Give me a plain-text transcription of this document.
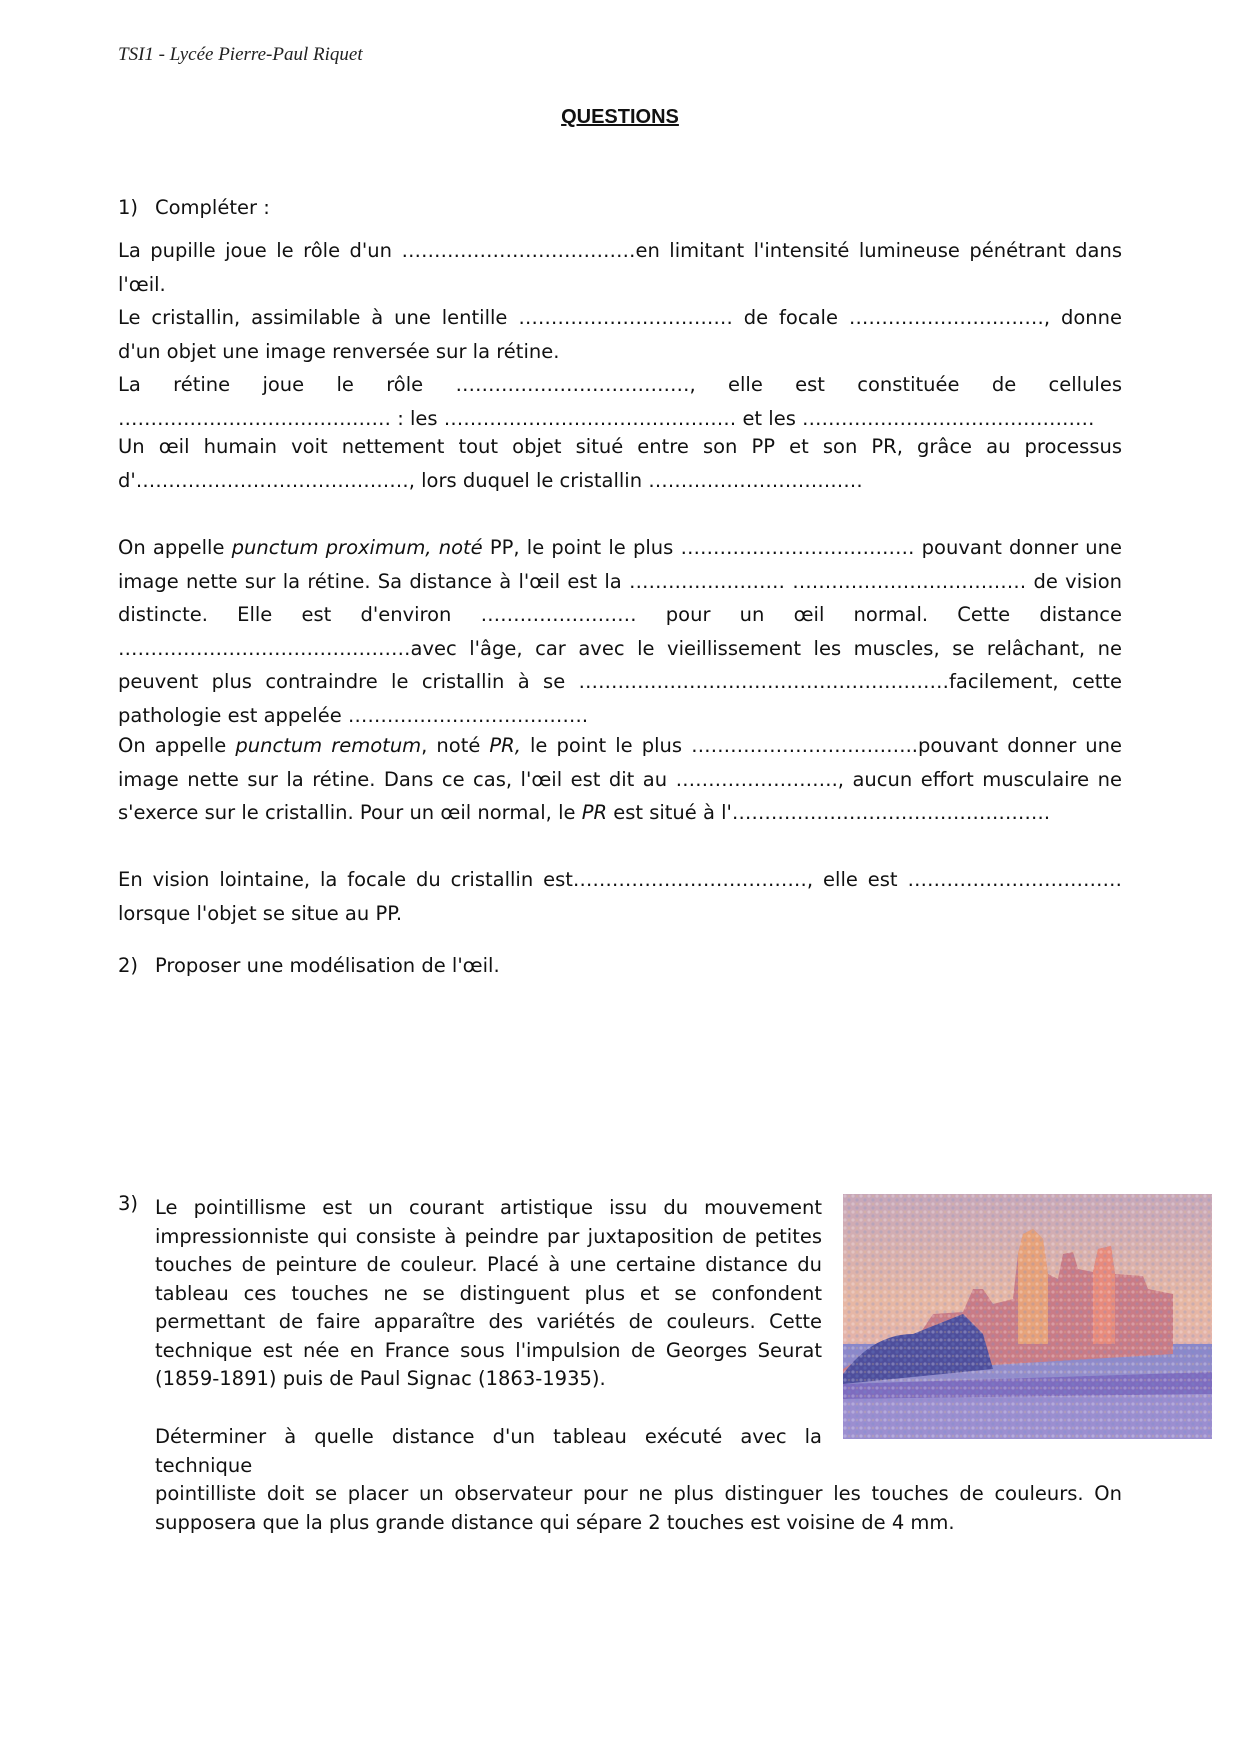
TSI1 - Lycée Pierre-Paul Riquet
QUESTIONS
1) Compléter :

La pupille joue le rôle d'un ………………………………en limitant l'intensité lumineuse pénétrant dans l'œil.

Le cristallin, assimilable à une lentille …………………………… de focale …………………………, donne d'un objet une image renversée sur la rétine.

La rétine joue le rôle ………………………………, elle est constituée de cellules …………………………………… : les ……………………………………… et les ………………………………………

Un œil humain voit nettement tout objet situé entre son PP et son PR, grâce au processus d'……………………………………, lors duquel le cristallin ……………………………
On appelle punctum proximum, noté PP, le point le plus ……………………………… pouvant donner une image nette sur la rétine. Sa distance à l'œil est la …………………… ……………………………… de vision distincte. Elle est d'environ …………………… pour un œil normal. Cette distance ………………………………………avec l'âge, car avec le vieillissement les muscles, se relâchant, ne peuvent plus contraindre le cristallin à se …………………………………………………facilement, cette pathologie est appelée ……………………………….
On appelle punctum remotum, noté PR, le point le plus ……………………………..pouvant donner une image nette sur la rétine. Dans ce cas, l'œil est dit au ……………………., aucun effort musculaire ne s'exerce sur le cristallin. Pour un œil normal, le PR est situé à l'………………………………………….
En vision lointaine, la focale du cristallin est………………………………, elle est ……………………………lorsque l'objet se situe au PP.
2) Proposer une modélisation de l'œil.
3) Le pointillisme est un courant artistique issu du mouvement impressionniste qui consiste à peindre par juxtaposition de petites touches de peinture de couleur. Placé à une certaine distance du tableau ces touches ne se distinguent plus et se confondent permettant de faire apparaître des variétés de couleurs. Cette technique est née en France sous l'impulsion de Georges Seurat (1859-1891) puis de Paul Signac (1863-1935).
Déterminer à quelle distance d'un tableau exécuté avec la technique
pointilliste doit se placer un observateur pour ne plus distinguer les touches de couleurs. On supposera que la plus grande distance qui sépare 2 touches est voisine de 4 mm.
